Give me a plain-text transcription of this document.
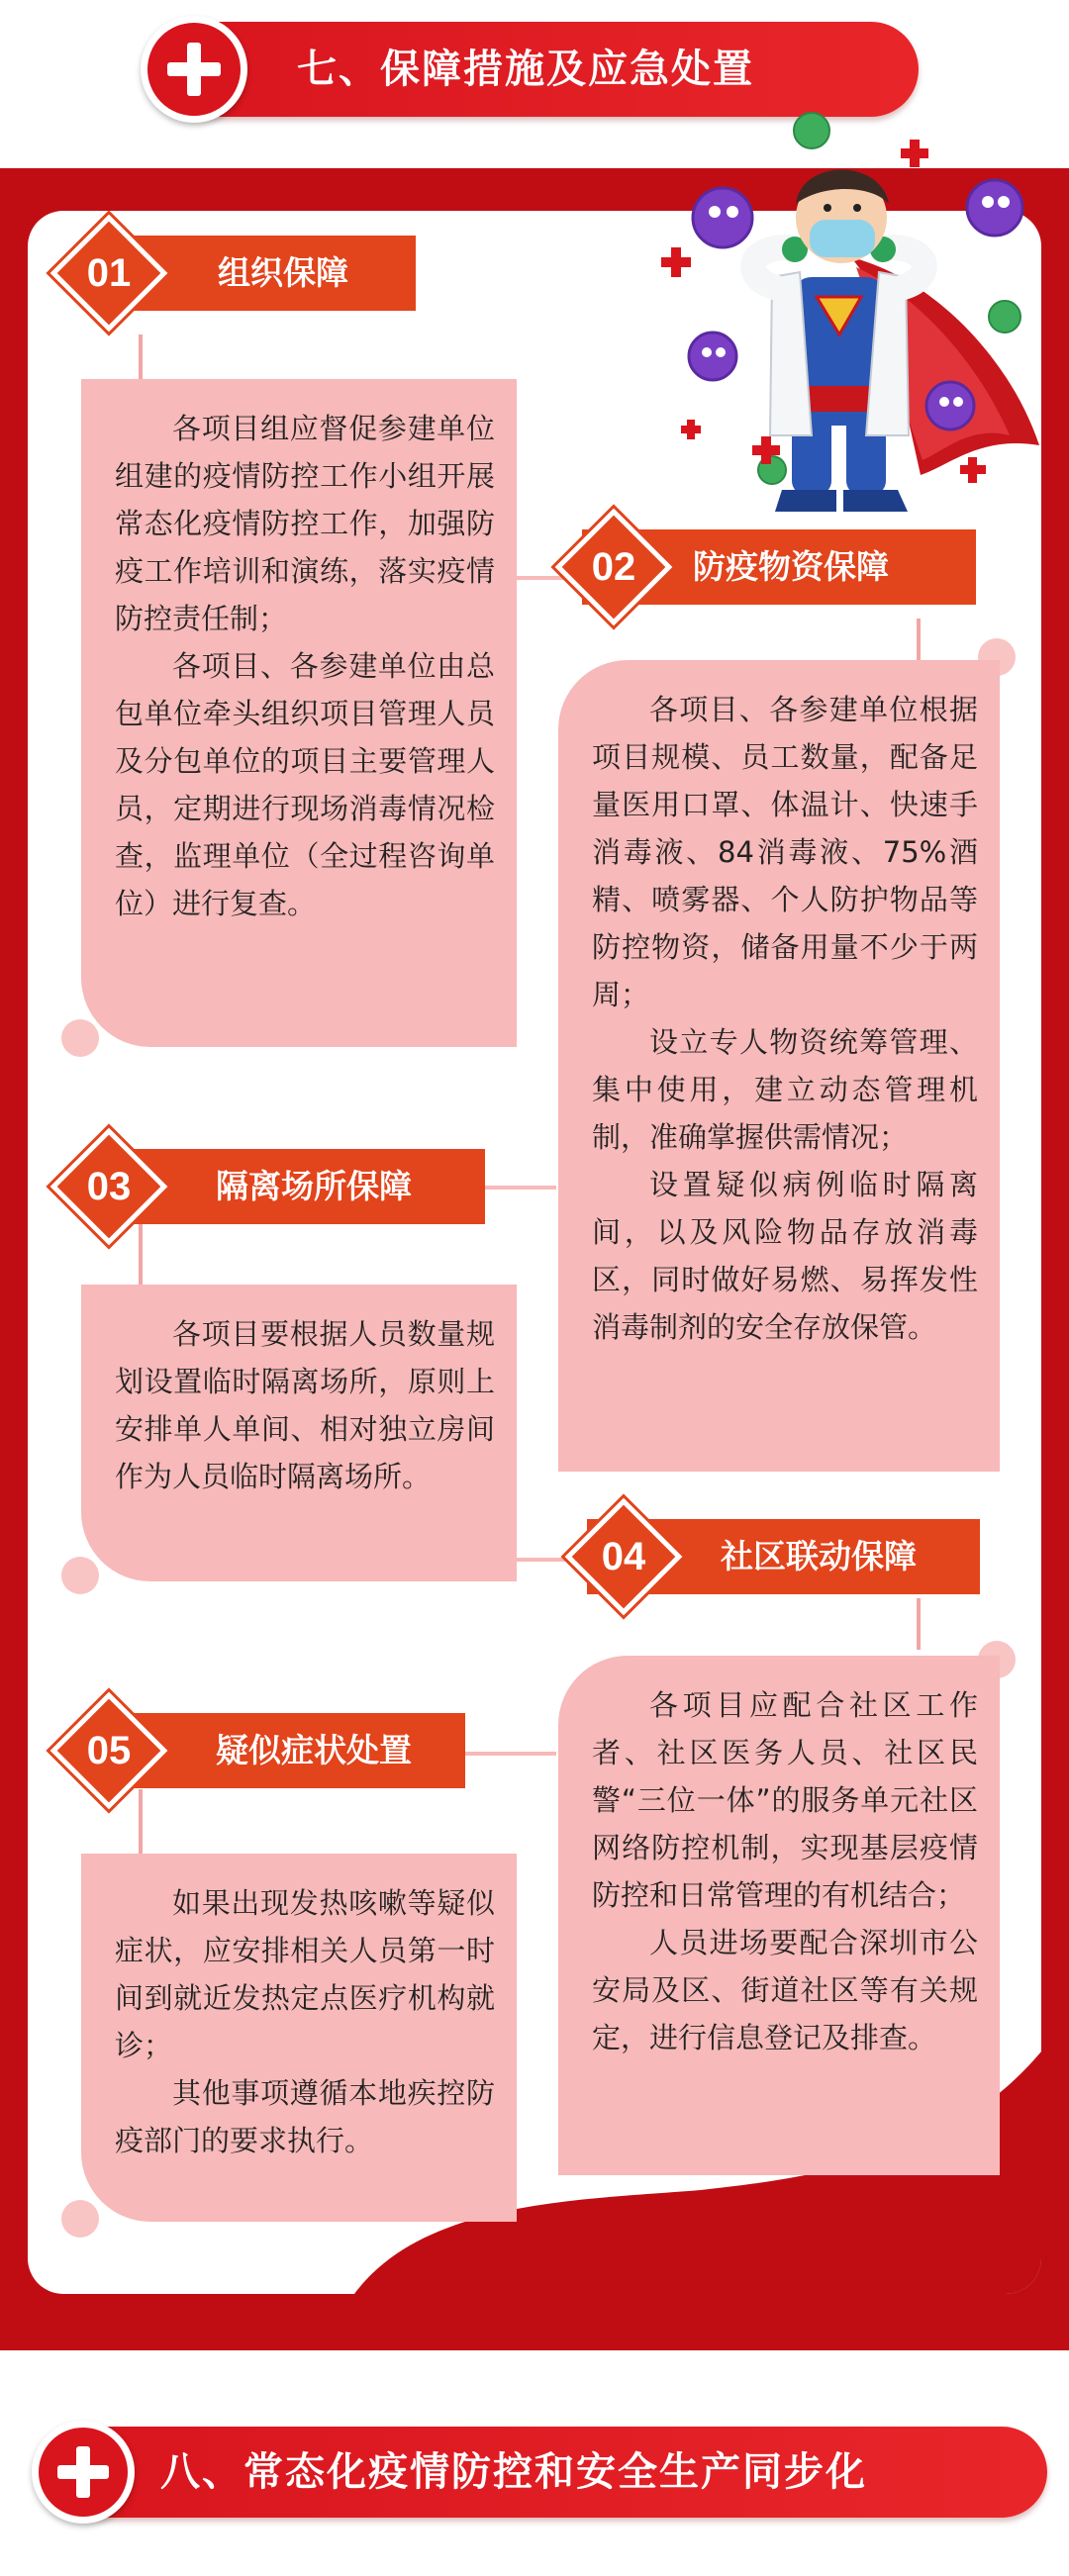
七、保障措施及应急处置

各项目组应督促参建单位组建的疫情防控工作小组开展常态化疫情防控工作，加强防疫工作培训和演练，落实疫情防控责任制；

各项目、各参建单位由总包单位牵头组织项目管理人员及分包单位的项目主要管理人员，定期进行现场消毒情况检查，监理单位（全过程咨询单位）进行复查。

各项目、各参建单位根据项目规模、员工数量，配备足量医用口罩、体温计、快速手消毒液、84消毒液、75%酒精、喷雾器、个人防护物品等防控物资，储备用量不少于两周；

设立专人物资统筹管理、集中使用，建立动态管理机制，准确掌握供需情况；

设置疑似病例临时隔离间，以及风险物品存放消毒区，同时做好易燃、易挥发性消毒制剂的安全存放保管。

各项目要根据人员数量规划设置临时隔离场所，原则上安排单人单间、相对独立房间作为人员临时隔离场所。

各项目应配合社区工作者、社区医务人员、社区民警“三位一体”的服务单元社区网络防控机制，实现基层疫情防控和日常管理的有机结合；

人员进场要配合深圳市公安局及区、街道社区等有关规定，进行信息登记及排查。

如果出现发热咳嗽等疑似症状，应安排相关人员第一时间到就近发热定点医疗机构就诊；

其他事项遵循本地疾控防疫部门的要求执行。

组织保障
01
防疫物资保障
02
隔离场所保障
03
社区联动保障
04
疑似症状处置
05
八、常态化疫情防控和安全生产同步化
